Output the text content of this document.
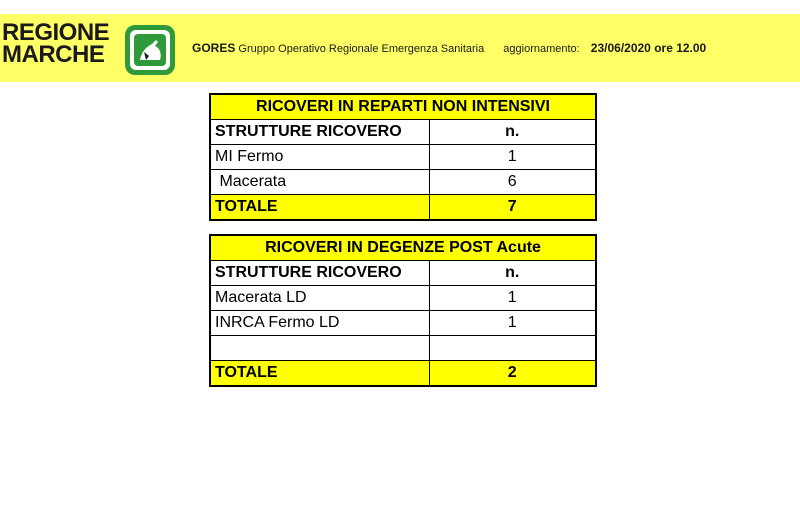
REGIONE
MARCHE	GORES Gruppo Operativo Regionale Emergenza Sanitaria aggiornamento: 23/06/2020 ore 12.00
RICOVERI IN REPARTI NON INTENSIVI	
STRUTTURE RICOVERO	n.
MI Fermo	1
Macerata	6
TOTALE	7
RICOVERI IN DEGENZE POST Acute	
STRUTTURE RICOVERO	n.
Macerata LD	1
INRCA Fermo LD	1

TOTALE	2
